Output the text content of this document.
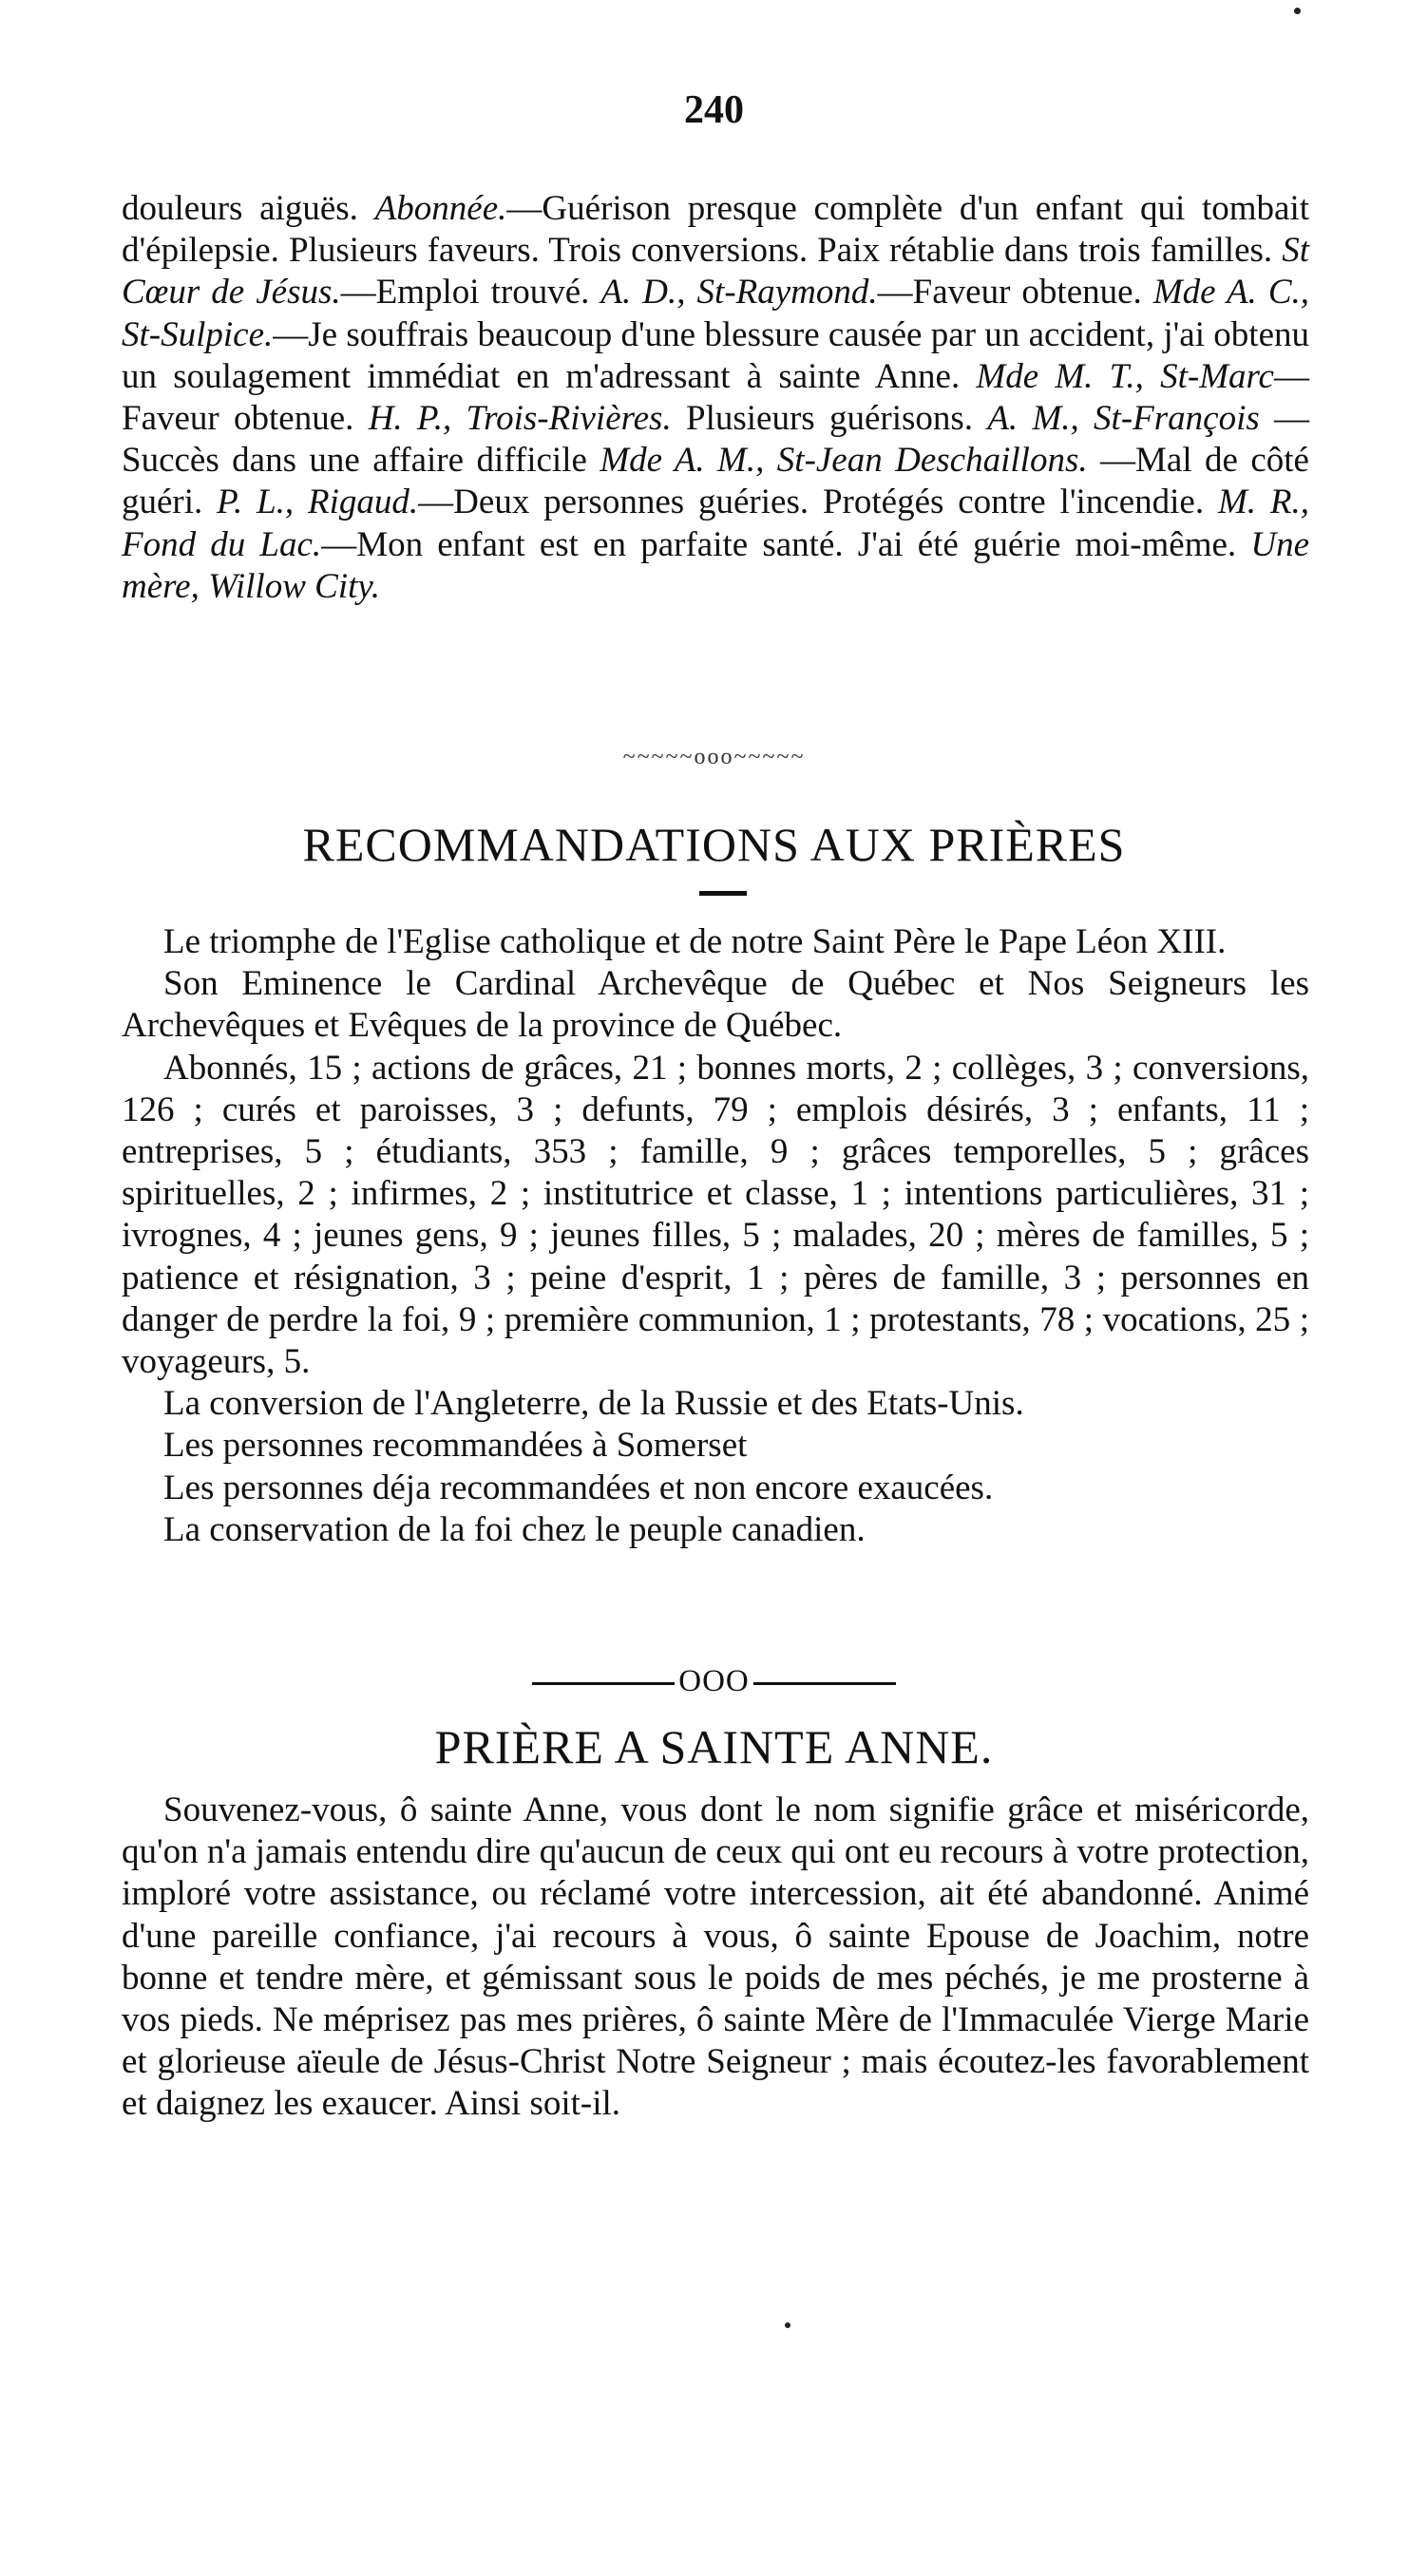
240

douleurs aiguës. Abonnée.—Guérison presque complète d'un enfant qui tombait d'épilepsie. Plusieurs faveurs. Trois conversions. Paix rétablie dans trois familles. St Cœur de Jésus.—Emploi trouvé. A. D., St-Raymond.—Faveur obtenue. Mde A. C., St-Sulpice.—Je souffrais beaucoup d'une blessure causée par un accident, j'ai obtenu un soulagement immédiat en m'adressant à sainte Anne. Mde M. T., St-Marc—Faveur obtenue. H. P., Trois-Rivières. Plusieurs guérisons. A. M., St-François — Succès dans une affaire difficile Mde A. M., St-Jean Deschaillons. —Mal de côté guéri. P. L., Rigaud.—Deux personnes guéries. Protégés contre l'incendie. M. R., Fond du Lac.—Mon enfant est en parfaite santé. J'ai été guérie moi-même. Une mère, Willow City.

~~~~~ooo~~~~~
RECOMMANDATIONS AUX PRIÈRES

Le triomphe de l'Eglise catholique et de notre Saint Père le Pape Léon XIII.

Son Eminence le Cardinal Archevêque de Québec et Nos Seigneurs les Archevêques et Evêques de la province de Québec.

Abonnés, 15 ; actions de grâces, 21 ; bonnes morts, 2 ; collèges, 3 ; conversions, 126 ; curés et paroisses, 3 ; defunts, 79 ; emplois désirés, 3 ; enfants, 11 ; entreprises, 5 ; étudiants, 353 ; famille, 9 ; grâces temporelles, 5 ; grâces spirituelles, 2 ; infirmes, 2 ; institutrice et classe, 1 ; intentions particulières, 31 ; ivrognes, 4 ; jeunes gens, 9 ; jeunes filles, 5 ; malades, 20 ; mères de familles, 5 ; patience et résignation, 3 ; peine d'esprit, 1 ; pères de famille, 3 ; personnes en danger de perdre la foi, 9 ; première communion, 1 ; protestants, 78 ; vocations, 25 ; voyageurs, 5.

La conversion de l'Angleterre, de la Russie et des Etats-Unis.

Les personnes recommandées à Somerset

Les personnes déja recommandées et non encore exaucées.

La conservation de la foi chez le peuple canadien.

OOO
PRIÈRE A SAINTE ANNE.

Souvenez-vous, ô sainte Anne, vous dont le nom signifie grâce et miséricorde, qu'on n'a jamais entendu dire qu'aucun de ceux qui ont eu recours à votre protection, imploré votre assistance, ou réclamé votre intercession, ait été abandonné. Animé d'une pareille confiance, j'ai recours à vous, ô sainte Epouse de Joachim, notre bonne et tendre mère, et gémissant sous le poids de mes péchés, je me prosterne à vos pieds. Ne méprisez pas mes prières, ô sainte Mère de l'Immaculée Vierge Marie et glorieuse aïeule de Jésus-Christ Notre Seigneur ; mais écoutez-les favorablement et daignez les exaucer. Ainsi soit-il.
